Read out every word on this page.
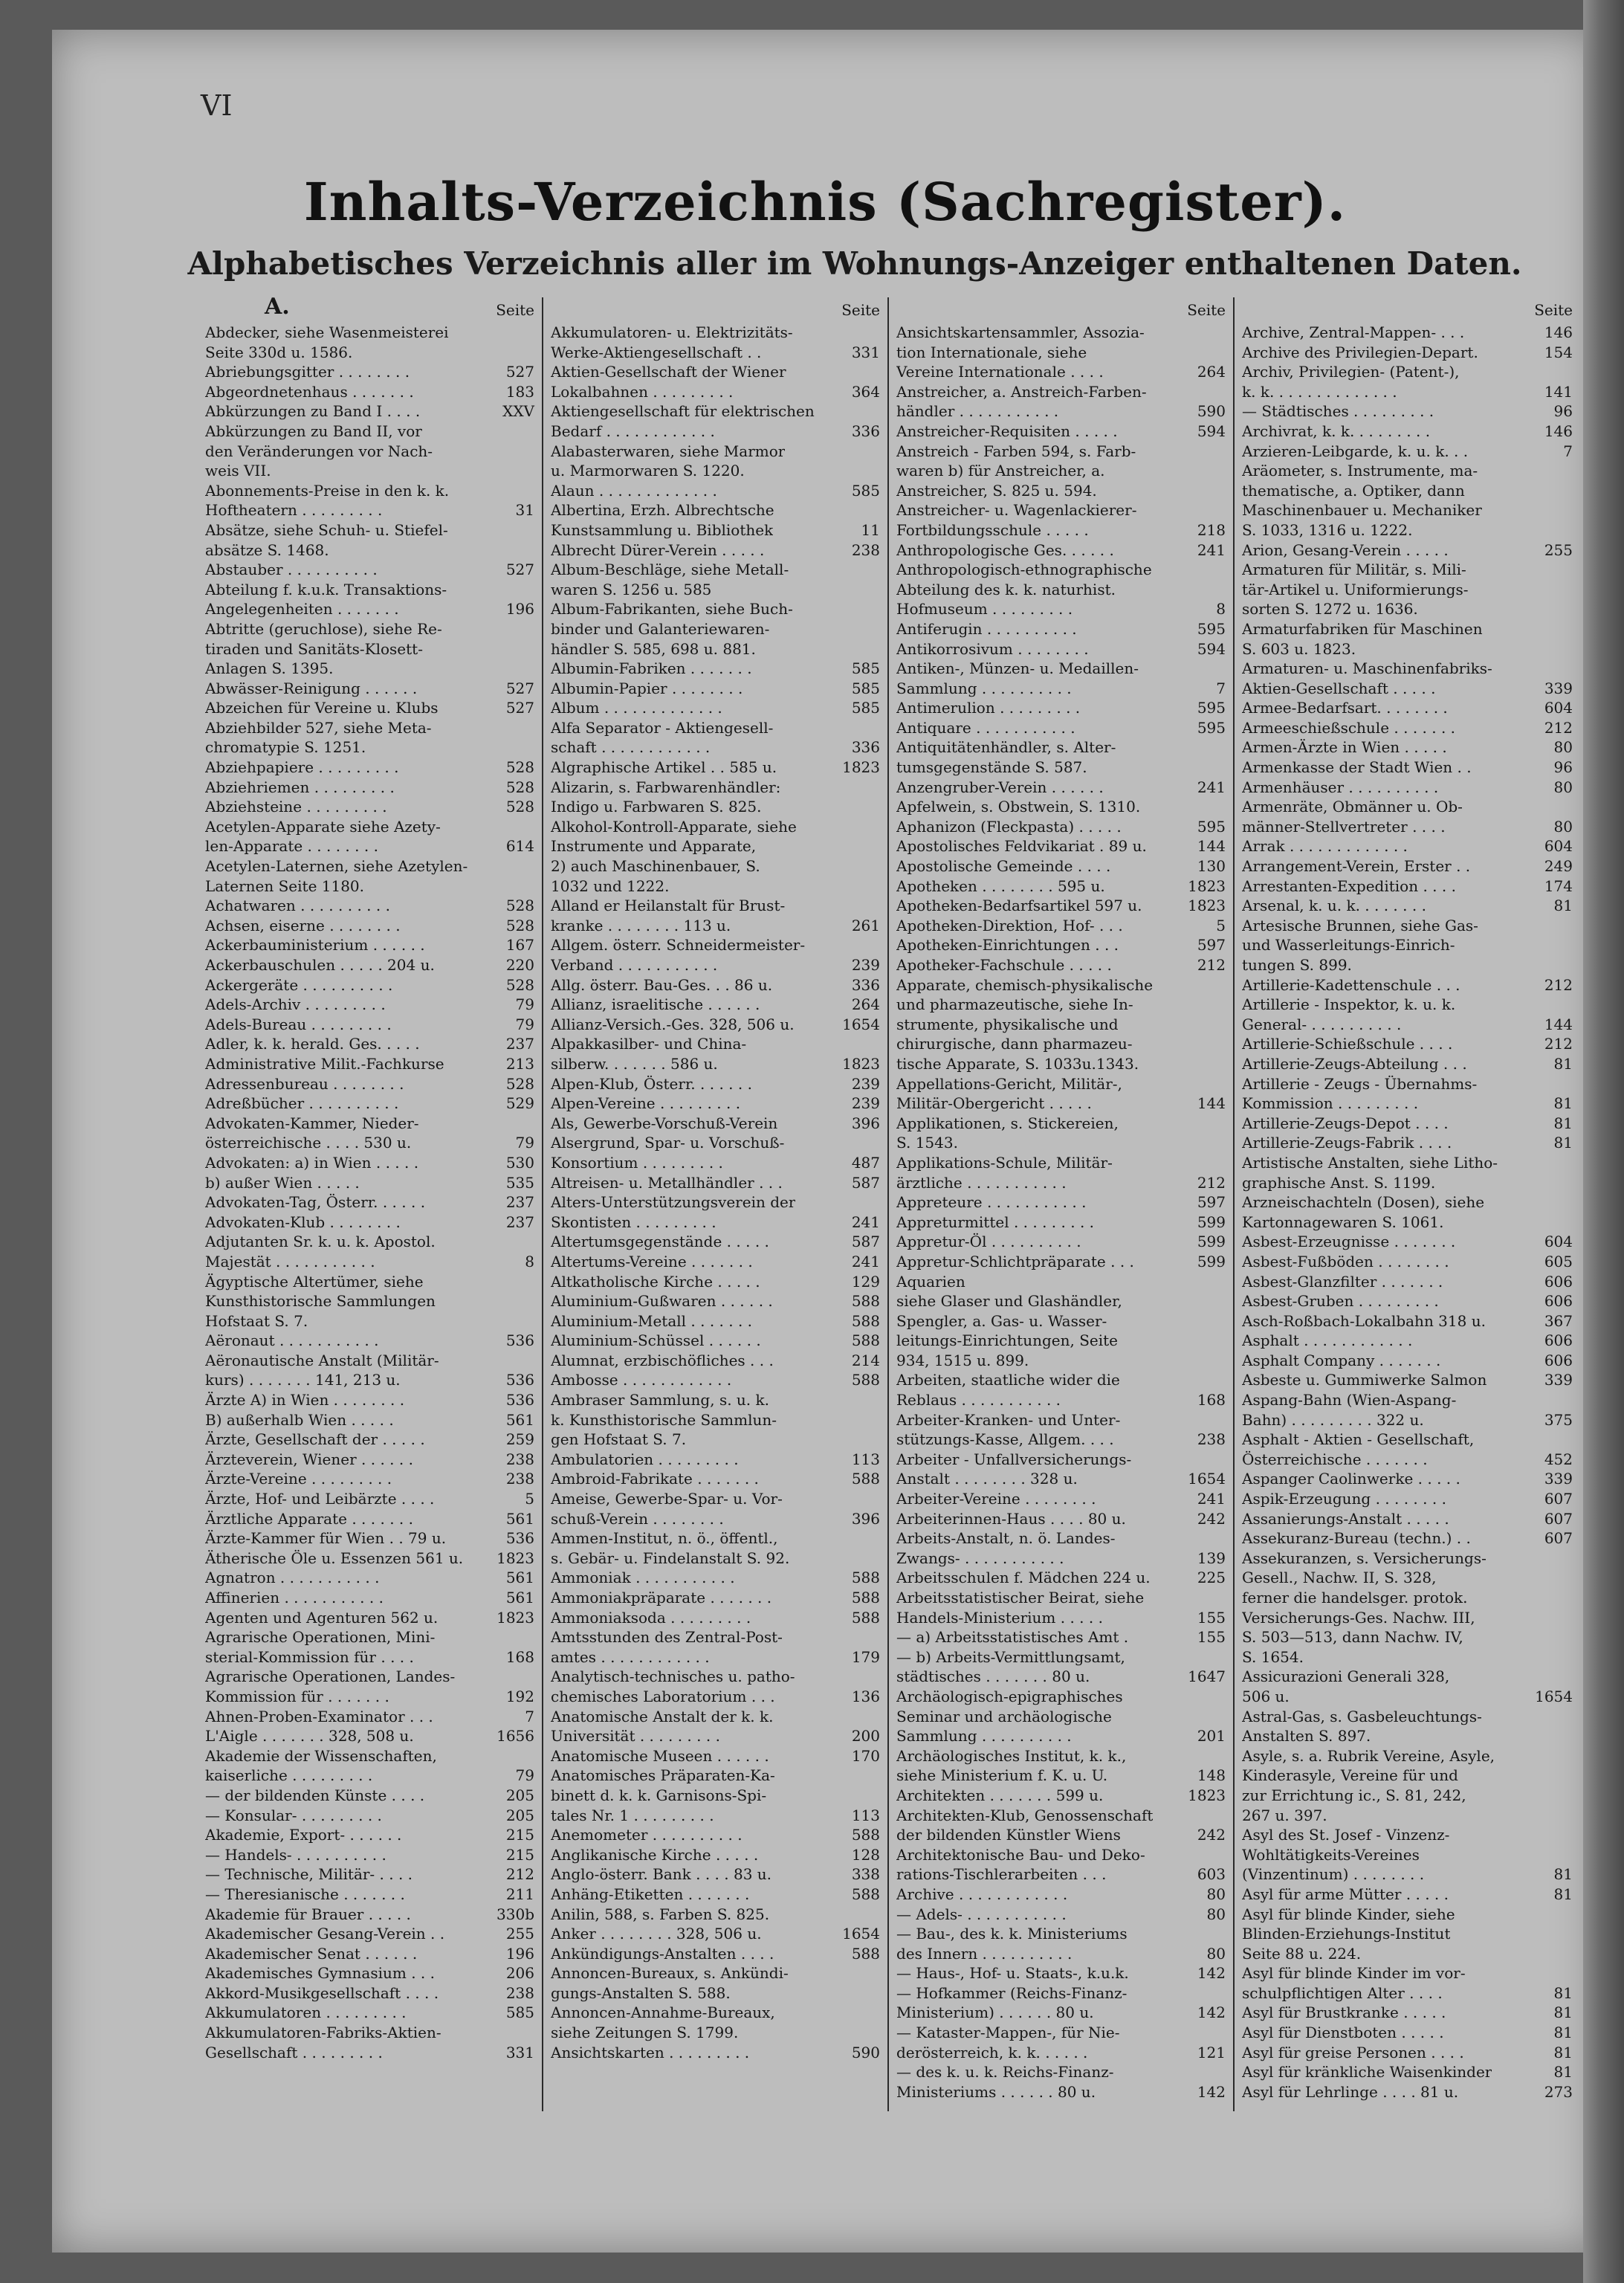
VI
Inhalts-Verzeichnis (Sachregister).
Alphabetisches Verzeichnis aller im Wohnungs-Anzeiger enthaltenen Daten.
A.	Seite
Abdecker, siehe Wasenmeisterei
Seite 330d u. 1586.
Abriebungsgitter . . . . . . . .	527
Abgeordnetenhaus . . . . . . .	183
Abkürzungen zu Band I . . . .	XXV
Abkürzungen zu Band II, vor
den Veränderungen vor Nach-
weis VII.
Abonnements-Preise in den k. k.
Hoftheatern . . . . . . . . .	31
Absätze, siehe Schuh- u. Stiefel-
absätze S. 1468.
Abstauber . . . . . . . . . .	527
Abteilung f. k.u.k. Transaktions-
Angelegenheiten . . . . . . .	196
Abtritte (geruchlose), siehe Re-
tiraden und Sanitäts-Klosett-
Anlagen S. 1395.
Abwässer-Reinigung . . . . . .	527
Abzeichen für Vereine u. Klubs	527
Abziehbilder 527, siehe Meta-
chromatypie S. 1251.
Abziehpapiere . . . . . . . . .	528
Abziehriemen . . . . . . . . .	528
Abziehsteine . . . . . . . . .	528
Acetylen-Apparate siehe Azety-
len-Apparate . . . . . . . .	614
Acetylen-Laternen, siehe Azetylen-
Laternen Seite 1180.
Achatwaren . . . . . . . . . .	528
Achsen, eiserne . . . . . . . .	528
Ackerbauministerium . . . . . .	167
Ackerbauschulen . . . . . 204 u.	220
Ackergeräte . . . . . . . . . .	528
Adels-Archiv . . . . . . . . .	79
Adels-Bureau . . . . . . . . .	79
Adler, k. k. herald. Ges. . . . .	237
Administrative Milit.-Fachkurse	213
Adressenbureau . . . . . . . .	528
Adreßbücher . . . . . . . . . .	529
Advokaten-Kammer, Nieder-
österreichische . . . . 530 u.	79
Advokaten: a) in Wien . . . . .	530
b) außer Wien . . . . .	535
Advokaten-Tag, Österr. . . . . .	237
Advokaten-Klub . . . . . . . .	237
Adjutanten Sr. k. u. k. Apostol.
Majestät . . . . . . . . . . .	8
Ägyptische Altertümer, siehe
Kunsthistorische Sammlungen
Hofstaat S. 7.
Aëronaut . . . . . . . . . . .	536
Aëronautische Anstalt (Militär-
kurs) . . . . . . . 141, 213 u.	536
Ärzte A) in Wien . . . . . . . .	536
B) außerhalb Wien . . . . .	561
Ärzte, Gesellschaft der . . . . .	259
Ärzteverein, Wiener . . . . . .	238
Ärzte-Vereine . . . . . . . . .	238
Ärzte, Hof- und Leibärzte . . . .	5
Ärztliche Apparate . . . . . . .	561
Ärzte-Kammer für Wien . . 79 u.	536
Ätherische Öle u. Essenzen 561 u.	1823
Agnatron . . . . . . . . . . .	561
Affinerien . . . . . . . . . . .	561
Agenten und Agenturen 562 u.	1823
Agrarische Operationen, Mini-
sterial-Kommission für . . . .	168
Agrarische Operationen, Landes-
Kommission für . . . . . . .	192
Ahnen-Proben-Examinator . . .	7
L'Aigle . . . . . . . 328, 508 u.	1656
Akademie der Wissenschaften,
kaiserliche . . . . . . . . .	79
— der bildenden Künste . . . .	205
— Konsular- . . . . . . . . .	205
Akademie, Export- . . . . . .	215
— Handels- . . . . . . . . . .	215
— Technische, Militär- . . . .	212
— Theresianische . . . . . . .	211
Akademie für Brauer . . . . .	330b
Akademischer Gesang-Verein . .	255
Akademischer Senat . . . . . .	196
Akademisches Gymnasium . . .	206
Akkord-Musikgesellschaft . . . .	238
Akkumulatoren . . . . . . . . .	585
Akkumulatoren-Fabriks-Aktien-
Gesellschaft . . . . . . . . .	331
Seite
Akkumulatoren- u. Elektrizitäts-
Werke-Aktiengesellschaft . .	331
Aktien-Gesellschaft der Wiener
Lokalbahnen . . . . . . . . .	364
Aktiengesellschaft für elektrischen
Bedarf . . . . . . . . . . . .	336
Alabasterwaren, siehe Marmor
u. Marmorwaren S. 1220.
Alaun . . . . . . . . . . . . .	585
Albertina, Erzh. Albrechtsche
Kunstsammlung u. Bibliothek	11
Albrecht Dürer-Verein . . . . .	238
Album-Beschläge, siehe Metall-
waren S. 1256 u. 585
Album-Fabrikanten, siehe Buch-
binder und Galanteriewaren-
händler S. 585, 698 u. 881.
Albumin-Fabriken . . . . . . .	585
Albumin-Papier . . . . . . . .	585
Album . . . . . . . . . . . . .	585
Alfa Separator - Aktiengesell-
schaft . . . . . . . . . . . .	336
Algraphische Artikel . . 585 u.	1823
Alizarin, s. Farbwarenhändler:
Indigo u. Farbwaren S. 825.
Alkohol-Kontroll-Apparate, siehe
Instrumente und Apparate,
2) auch Maschinenbauer, S.
1032 und 1222.
Alland er Heilanstalt für Brust-
kranke . . . . . . . . 113 u.	261
Allgem. österr. Schneidermeister-
Verband . . . . . . . . . . .	239
Allg. österr. Bau-Ges. . . 86 u.	336
Allianz, israelitische . . . . . .	264
Allianz-Versich.-Ges. 328, 506 u.	1654
Alpakkasilber- und China-
silberw. . . . . . . 586 u.	1823
Alpen-Klub, Österr. . . . . . .	239
Alpen-Vereine . . . . . . . . .	239
Als, Gewerbe-Vorschuß-Verein	396
Alsergrund, Spar- u. Vorschuß-
Konsortium . . . . . . . . .	487
Altreisen- u. Metallhändler . . .	587
Alters-Unterstützungsverein der
Skontisten . . . . . . . . .	241
Altertumsgegenstände . . . . .	587
Altertums-Vereine . . . . . . .	241
Altkatholische Kirche . . . . .	129
Aluminium-Gußwaren . . . . . .	588
Aluminium-Metall . . . . . . .	588
Aluminium-Schüssel . . . . . .	588
Alumnat, erzbischöfliches . . .	214
Ambosse . . . . . . . . . . . .	588
Ambraser Sammlung, s. u. k.
k. Kunsthistorische Sammlun-
gen Hofstaat S. 7.
Ambulatorien . . . . . . . . .	113
Ambroid-Fabrikate . . . . . . .	588
Ameise, Gewerbe-Spar- u. Vor-
schuß-Verein . . . . . . . .	396
Ammen-Institut, n. ö., öffentl.,
s. Gebär- u. Findelanstalt S. 92.
Ammoniak . . . . . . . . . . .	588
Ammoniakpräparate . . . . . . .	588
Ammoniaksoda . . . . . . . . .	588
Amtsstunden des Zentral-Post-
amtes . . . . . . . . . . . .	179
Analytisch-technisches u. patho-
chemisches Laboratorium . . .	136
Anatomische Anstalt der k. k.
Universität . . . . . . . . .	200
Anatomische Museen . . . . . .	170
Anatomisches Präparaten-Ka-
binett d. k. k. Garnisons-Spi-
tales Nr. 1 . . . . . . . . .	113
Anemometer . . . . . . . . . .	588
Anglikanische Kirche . . . . .	128
Anglo-österr. Bank . . . . 83 u.	338
Anhäng-Etiketten . . . . . . .	588
Anilin, 588, s. Farben S. 825.
Anker . . . . . . . . 328, 506 u.	1654
Ankündigungs-Anstalten . . . .	588
Annoncen-Bureaux, s. Ankündi-
gungs-Anstalten S. 588.
Annoncen-Annahme-Bureaux,
siehe Zeitungen S. 1799.
Ansichtskarten . . . . . . . . .	590
Seite
Ansichtskartensammler, Assozia-
tion Internationale, siehe
Vereine Internationale . . . .	264
Anstreicher, a. Anstreich-Farben-
händler . . . . . . . . . . .	590
Anstreicher-Requisiten . . . . .	594
Anstreich - Farben 594, s. Farb-
waren b) für Anstreicher, a.
Anstreicher, S. 825 u. 594.
Anstreicher- u. Wagenlackierer-
Fortbildungsschule . . . . .	218
Anthropologische Ges. . . . . .	241
Anthropologisch-ethnographische
Abteilung des k. k. naturhist.
Hofmuseum . . . . . . . . .	8
Antiferugin . . . . . . . . . .	595
Antikorrosivum . . . . . . . .	594
Antiken-, Münzen- u. Medaillen-
Sammlung . . . . . . . . . .	7
Antimerulion . . . . . . . . .	595
Antiquare . . . . . . . . . . .	595
Antiquitätenhändler, s. Alter-
tumsgegenstände S. 587.
Anzengruber-Verein . . . . . .	241
Apfelwein, s. Obstwein, S. 1310.
Aphanizon (Fleckpasta) . . . . .	595
Apostolisches Feldvikariat . 89 u.	144
Apostolische Gemeinde . . . .	130
Apotheken . . . . . . . . 595 u.	1823
Apotheken-Bedarfsartikel 597 u.	1823
Apotheken-Direktion, Hof- . . .	5
Apotheken-Einrichtungen . . .	597
Apotheker-Fachschule . . . . .	212
Apparate, chemisch-physikalische
und pharmazeutische, siehe In-
strumente, physikalische und
chirurgische, dann pharmazeu-
tische Apparate, S. 1033u.1343.
Appellations-Gericht, Militär-,
Militär-Obergericht . . . . .	144
Applikationen, s. Stickereien,
S. 1543.
Applikations-Schule, Militär-
ärztliche . . . . . . . . . . .	212
Appreteure . . . . . . . . . . .	597
Appreturmittel . . . . . . . . .	599
Appretur-Öl . . . . . . . . . .	599
Appretur-Schlichtpräparate . . .	599
Aquarien
siehe Glaser und Glashändler,
Spengler, a. Gas- u. Wasser-
leitungs-Einrichtungen, Seite
934, 1515 u. 899.
Arbeiten, staatliche wider die
Reblaus . . . . . . . . . . .	168
Arbeiter-Kranken- und Unter-
stützungs-Kasse, Allgem. . . .	238
Arbeiter - Unfallversicherungs-
Anstalt . . . . . . . . 328 u.	1654
Arbeiter-Vereine . . . . . . . .	241
Arbeiterinnen-Haus . . . . 80 u.	242
Arbeits-Anstalt, n. ö. Landes-
Zwangs- . . . . . . . . . . .	139
Arbeitsschulen f. Mädchen 224 u.	225
Arbeitsstatistischer Beirat, siehe
Handels-Ministerium . . . . .	155
— a) Arbeitsstatistisches Amt .	155
— b) Arbeits-Vermittlungsamt,
städtisches . . . . . . . 80 u.	1647
Archäologisch-epigraphisches
Seminar und archäologische
Sammlung . . . . . . . . . .	201
Archäologisches Institut, k. k.,
siehe Ministerium f. K. u. U.	148
Architekten . . . . . . . 599 u.	1823
Architekten-Klub, Genossenschaft
der bildenden Künstler Wiens	242
Architektonische Bau- und Deko-
rations-Tischlerarbeiten . . .	603
Archive . . . . . . . . . . . .	80
— Adels- . . . . . . . . . . .	80
— Bau-, des k. k. Ministeriums
des Innern . . . . . . . . . .	80
— Haus-, Hof- u. Staats-, k.u.k.	142
— Hofkammer (Reichs-Finanz-
Ministerium) . . . . . . 80 u.	142
— Kataster-Mappen-, für Nie-
derösterreich, k. k. . . . . .	121
— des k. u. k. Reichs-Finanz-
Ministeriums . . . . . . 80 u.	142
Seite
Archive, Zentral-Mappen- . . .	146
Archive des Privilegien-Depart.	154
Archiv, Privilegien- (Patent-),
k. k. . . . . . . . . . . . . .	141
— Städtisches . . . . . . . . .	96
Archivrat, k. k. . . . . . . . .	146
Arzieren-Leibgarde, k. u. k. . .	7
Aräometer, s. Instrumente, ma-
thematische, a. Optiker, dann
Maschinenbauer u. Mechaniker
S. 1033, 1316 u. 1222.
Arion, Gesang-Verein . . . . .	255
Armaturen für Militär, s. Mili-
tär-Artikel u. Uniformierungs-
sorten S. 1272 u. 1636.
Armaturfabriken für Maschinen
S. 603 u. 1823.
Armaturen- u. Maschinenfabriks-
Aktien-Gesellschaft . . . . .	339
Armee-Bedarfsart. . . . . . . .	604
Armeeschießschule . . . . . . .	212
Armen-Ärzte in Wien . . . . .	80
Armenkasse der Stadt Wien . .	96
Armenhäuser . . . . . . . . . .	80
Armenräte, Obmänner u. Ob-
männer-Stellvertreter . . . .	80
Arrak . . . . . . . . . . . . .	604
Arrangement-Verein, Erster . .	249
Arrestanten-Expedition . . . .	174
Arsenal, k. u. k. . . . . . . .	81
Artesische Brunnen, siehe Gas-
und Wasserleitungs-Einrich-
tungen S. 899.
Artillerie-Kadettenschule . . .	212
Artillerie - Inspektor, k. u. k.
General- . . . . . . . . . .	144
Artillerie-Schießschule . . . .	212
Artillerie-Zeugs-Abteilung . . .	81
Artillerie - Zeugs - Übernahms-
Kommission . . . . . . . . .	81
Artillerie-Zeugs-Depot . . . .	81
Artillerie-Zeugs-Fabrik . . . .	81
Artistische Anstalten, siehe Litho-
graphische Anst. S. 1199.
Arzneischachteln (Dosen), siehe
Kartonnagewaren S. 1061.
Asbest-Erzeugnisse . . . . . . .	604
Asbest-Fußböden . . . . . . . .	605
Asbest-Glanzfilter . . . . . . .	606
Asbest-Gruben . . . . . . . . .	606
Asch-Roßbach-Lokalbahn 318 u.	367
Asphalt . . . . . . . . . . . .	606
Asphalt Company . . . . . . .	606
Asbeste u. Gummiwerke Salmon	339
Aspang-Bahn (Wien-Aspang-
Bahn) . . . . . . . . . 322 u.	375
Asphalt - Aktien - Gesellschaft,
Österreichische . . . . . . .	452
Aspanger Caolinwerke . . . . .	339
Aspik-Erzeugung . . . . . . . .	607
Assanierungs-Anstalt . . . . .	607
Assekuranz-Bureau (techn.) . .	607
Assekuranzen, s. Versicherungs-
Gesell., Nachw. II, S. 328,
ferner die handelsger. protok.
Versicherungs-Ges. Nachw. III,
S. 503—513, dann Nachw. IV,
S. 1654.
Assicurazioni Generali 328,
506 u.	1654
Astral-Gas, s. Gasbeleuchtungs-
Anstalten S. 897.
Asyle, s. a. Rubrik Vereine, Asyle,
Kinderasyle, Vereine für und
zur Errichtung ic., S. 81, 242,
267 u. 397.
Asyl des St. Josef - Vinzenz-
Wohltätigkeits-Vereines
(Vinzentinum) . . . . . . . .	81
Asyl für arme Mütter . . . . .	81
Asyl für blinde Kinder, siehe
Blinden-Erziehungs-Institut
Seite 88 u. 224.
Asyl für blinde Kinder im vor-
schulpflichtigen Alter . . . .	81
Asyl für Brustkranke . . . . .	81
Asyl für Dienstboten . . . . .	81
Asyl für greise Personen . . . .	81
Asyl für kränkliche Waisenkinder	81
Asyl für Lehrlinge . . . . 81 u.	273
